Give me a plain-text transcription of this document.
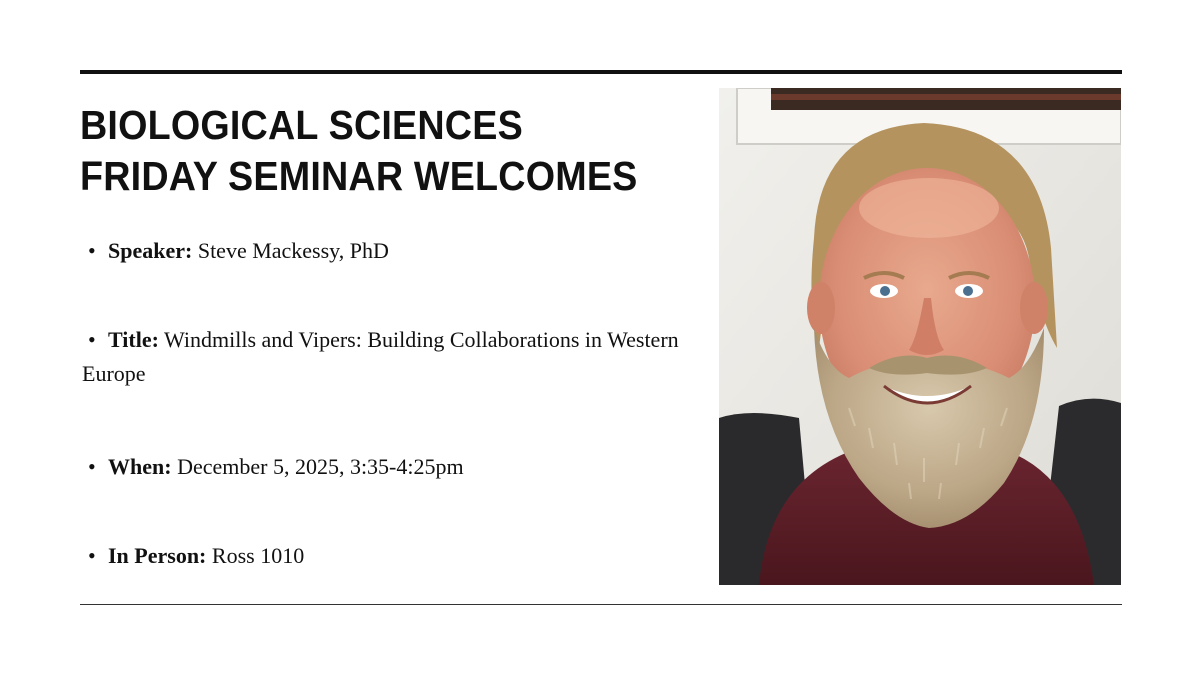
BIOLOGICAL SCIENCES
FRIDAY SEMINAR WELCOMES
• Speaker: Steve Mackessy, PhD
• Title: Windmills and Vipers: Building Collaborations in Western Europe
• When: December 5, 2025, 3:35-4:25pm
• In Person: Ross 1010
